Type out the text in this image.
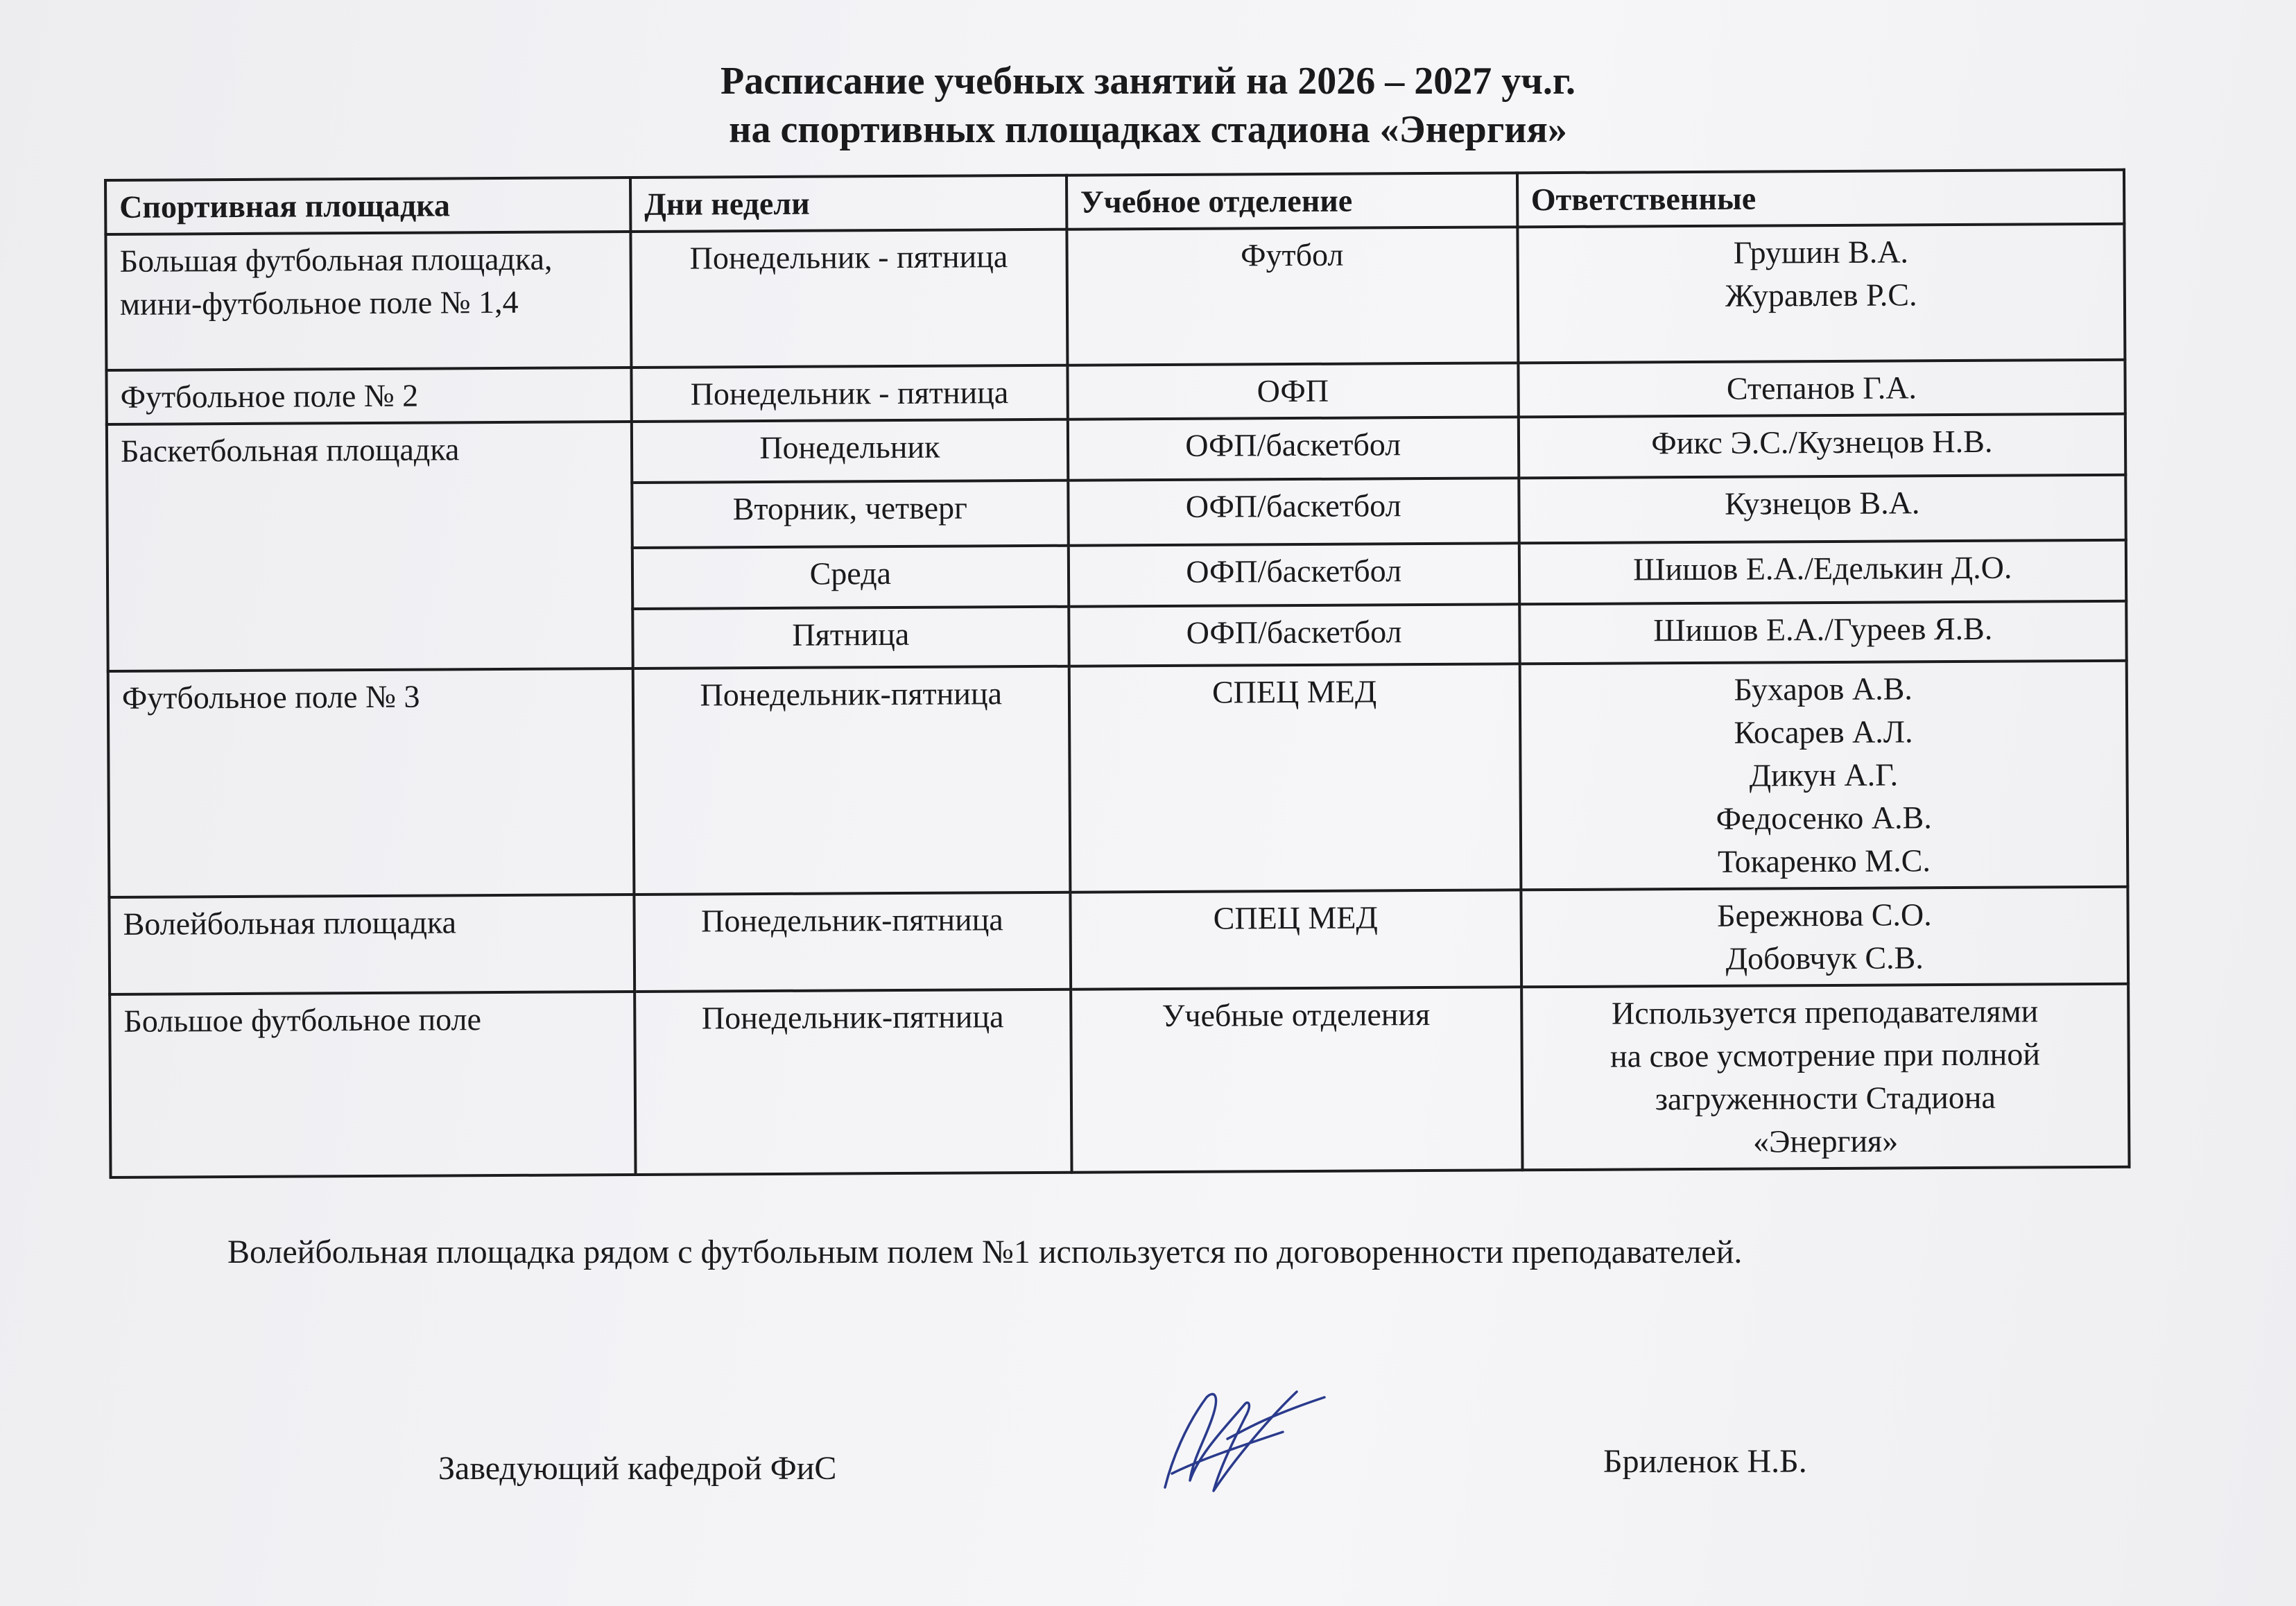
Расписание учебных занятий на 2026 – 2027 уч.г.
на спортивных площадках стадиона «Энергия»
Спортивная площадка	Дни недели	Учебное отделение	Ответственные
Большая футбольная площадка, мини-футбольное поле № 1,4	Понедельник - пятница	Футбол	Грушин В.А.
Журавлев Р.С.

Футбольное поле № 2	Понедельник - пятница	ОФП	Степанов Г.А.

Баскетбольная площадка	Понедельник	ОФП/баскетбол	Фикс Э.С./Кузнецов Н.В.
	Вторник, четверг	ОФП/баскетбол	Кузнецов В.А.
	Среда	ОФП/баскетбол	Шишов Е.А./Еделькин Д.О.
	Пятница	ОФП/баскетбол	Шишов Е.А./Гуреев Я.В.
Футбольное поле № 3	Понедельник-пятница	СПЕЦ МЕД	Бухаров А.В.
Косарев А.Л.
Дикун А.Г.
Федосенко А.В.
Токаренко М.С.

Волейбольная площадка	Понедельник-пятница	СПЕЦ МЕД	Бережнова С.О.
Добовчук С.В.

Большое футбольное поле	Понедельник-пятница	Учебные отделения	Используется преподавателями
на свое усмотрение при полной
загруженности Стадиона
«Энергия»
Волейбольная площадка рядом с футбольным полем №1 используется по договоренности преподавателей.
Заведующий кафедрой ФиС	Бриленок Н.Б.
